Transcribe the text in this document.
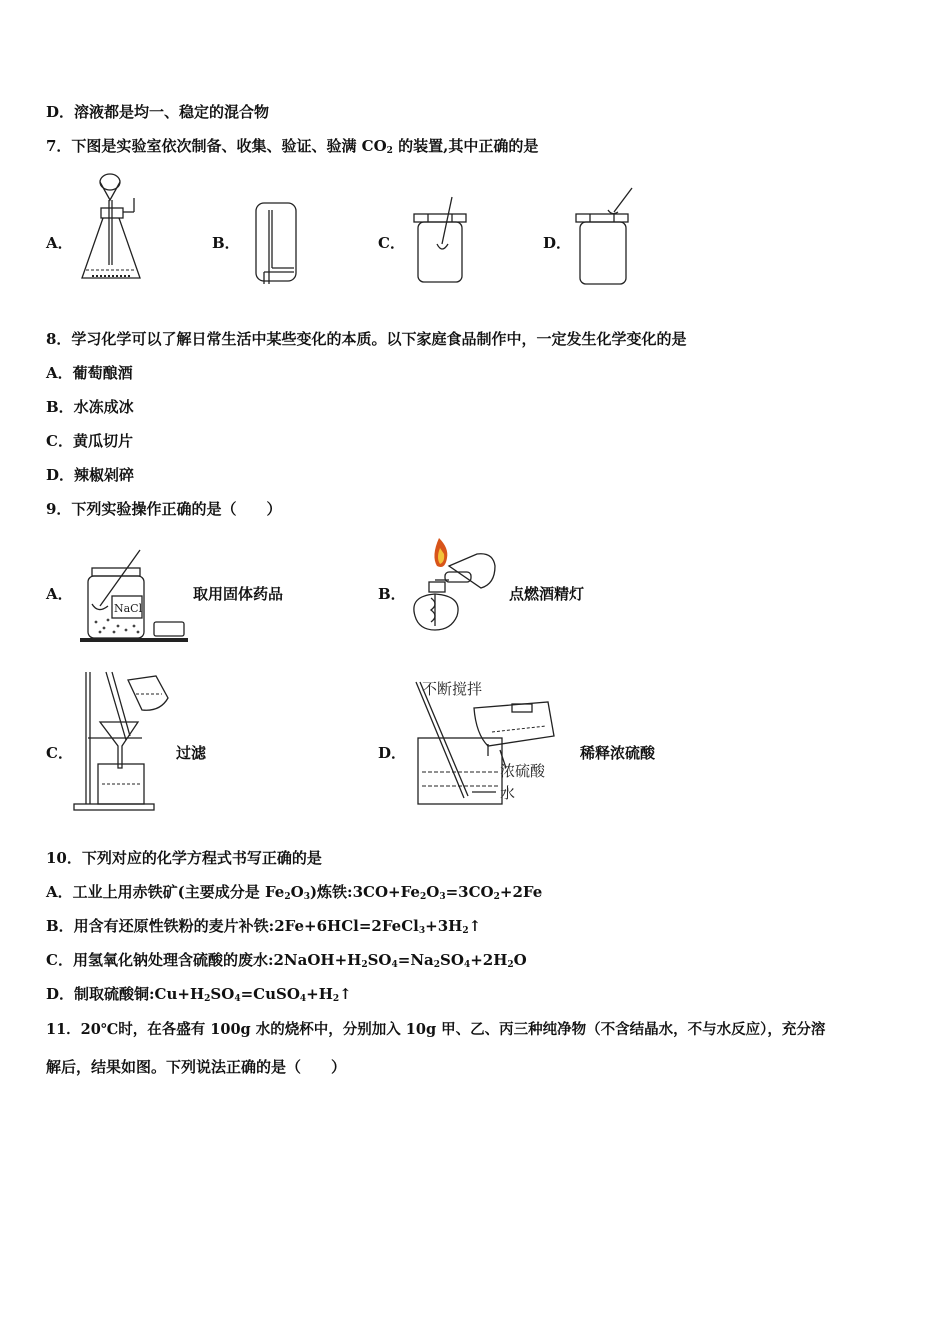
D．溶液都是均一、稳定的混合物
7．下图是实验室依次制备、收集、验证、验满 $CO_2$ 的装置,其中正确的是
A．	B．	C．	D．
8．学习化学可以了解日常生活中某些变化的本质。以下家庭食品制作中，一定发生化学变化的是
A．葡萄酿酒
B．水冻成冰
C．黄瓜切片
D．辣椒剁碎
9．下列实验操作正确的是（　　）
A．	取用固体药品	B．	点燃酒精灯
C．	过滤	D．	稀释浓硫酸
NaCl
不断搅拌
浓硫酸
水
10．下列对应的化学方程式书写正确的是
A．工业上用赤铁矿(主要成分是 $Fe_2O_3$)炼铁$:3CO+Fe_2O_3=3CO_2+2Fe$
B．用含有还原性铁粉的麦片补铁$:2Fe+6HCl=2FeCl_3+3H_2↑$
C．用氢氧化钠处理含硫酸的废水$:2NaOH+H_2SO_4=Na_2SO_4+2H_2O$
D．制取硫酸铜$:Cu+H_2SO_4=CuSO_4+H_2↑$
11．20℃时，在各盛有 100g 水的烧杯中，分别加入 10g 甲、乙、丙三种纯净物（不含结晶水，不与水反应），充分溶
解后，结果如图。下列说法正确的是（　　）
